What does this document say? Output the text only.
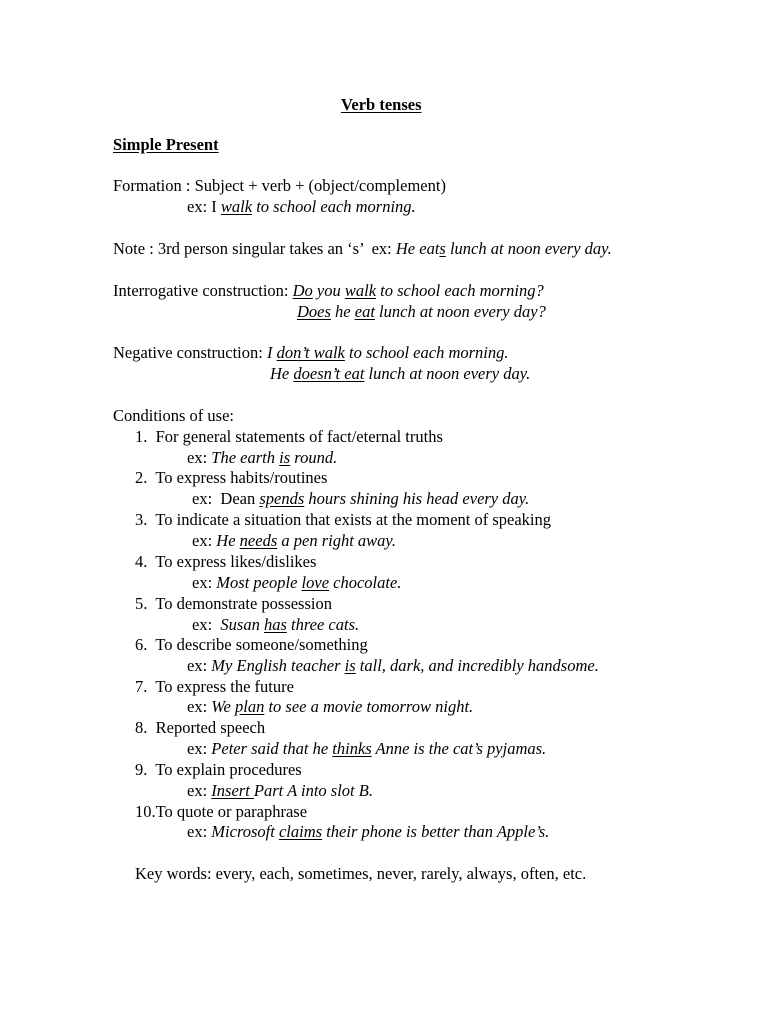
Verb tenses
Simple Present
Formation : Subject + verb + (object/complement)
ex: I walk to school each morning.
Note : 3rd person singular takes an ‘s’  ex: He eats lunch at noon every day.
Interrogative construction: Do you walk to school each morning?
Does he eat lunch at noon every day?
Negative construction: I don’t walk to school each morning.
He doesn’t eat lunch at noon every day.
Conditions of use:
1.  For general statements of fact/eternal truths
ex: The earth is round.
2.  To express habits/routines
ex:  Dean spends hours shining his head every day.
3.  To indicate a situation that exists at the moment of speaking
ex: He needs a pen right away.
4.  To express likes/dislikes
ex: Most people love chocolate.
5.  To demonstrate possession
ex:  Susan has three cats.
6.  To describe someone/something
ex: My English teacher is tall, dark, and incredibly handsome.
7.  To express the future
ex: We plan to see a movie tomorrow night.
8.  Reported speech
ex: Peter said that he thinks Anne is the cat’s pyjamas.
9.  To explain procedures
ex: Insert Part A into slot B.
10.To quote or paraphrase
ex: Microsoft claims their phone is better than Apple’s.
Key words: every, each, sometimes, never, rarely, always, often, etc.
